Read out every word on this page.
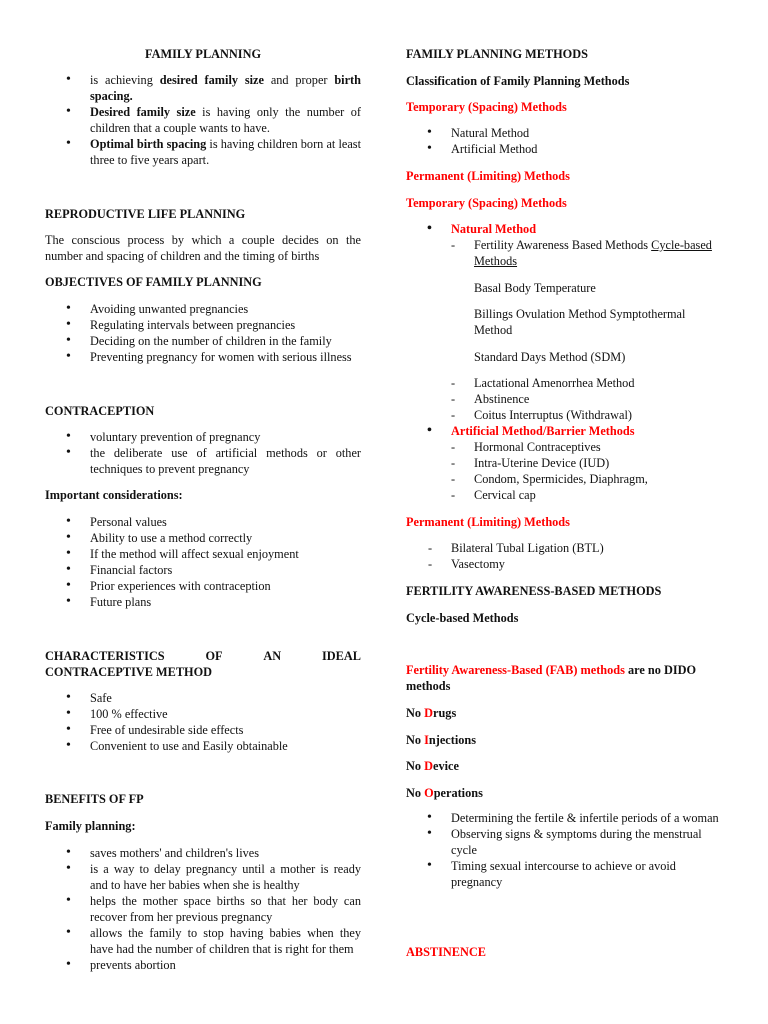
FAMILY PLANNING
• is achieving desired family size and proper birth spacing.
• Desired family size is having only the number of children that a couple wants to have.
• Optimal birth spacing is having children born at least three to five years apart.
REPRODUCTIVE LIFE PLANNING
The conscious process by which a couple decides on the number and spacing of children and the timing of births
OBJECTIVES OF FAMILY PLANNING
• Avoiding unwanted pregnancies
• Regulating intervals between pregnancies
• Deciding on the number of children in the family
• Preventing pregnancy for women with serious illness
CONTRACEPTION
• voluntary prevention of pregnancy
• the deliberate use of artificial methods or other techniques to prevent pregnancy
Important considerations:
• Personal values
• Ability to use a method correctly
• If the method will affect sexual enjoyment
• Financial factors
• Prior experiences with contraception
• Future plans
CHARACTERISTICS	OF	AN	IDEAL
CONTRACEPTIVE METHOD
• Safe
• 100 % effective
• Free of undesirable side effects
• Convenient to use and Easily obtainable
BENEFITS OF FP
Family planning:
• saves mothers' and children's lives
• is a way to delay pregnancy until a mother is ready and to have her babies when she is healthy
• helps the mother space births so that her body can recover from her previous pregnancy
• allows the family to stop having babies when they have had the number of children that is right for them
• prevents abortion
FAMILY PLANNING METHODS
Classification of Family Planning Methods
Temporary (Spacing) Methods
• Natural Method
• Artificial Method
Permanent (Limiting) Methods
Temporary (Spacing) Methods
• Natural Method
- Fertility Awareness Based Methods Cycle-based Methods
Basal Body Temperature
Billings Ovulation Method Symptothermal Method
Standard Days Method (SDM)
- Lactational Amenorrhea Method
- Abstinence
- Coitus Interruptus (Withdrawal)
• Artificial Method/Barrier Methods
- Hormonal Contraceptives
- Intra-Uterine Device (IUD)
- Condom, Spermicides, Diaphragm,
- Cervical cap
Permanent (Limiting) Methods
- Bilateral Tubal Ligation (BTL)
- Vasectomy
FERTILITY AWARENESS-BASED METHODS
Cycle-based Methods
Fertility Awareness-Based (FAB) methods are no DIDO methods
No Drugs
No Injections
No Device
No Operations
• Determining the fertile & infertile periods of a woman
• Observing signs & symptoms during the menstrual cycle
• Timing sexual intercourse to achieve or avoid pregnancy
ABSTINENCE
